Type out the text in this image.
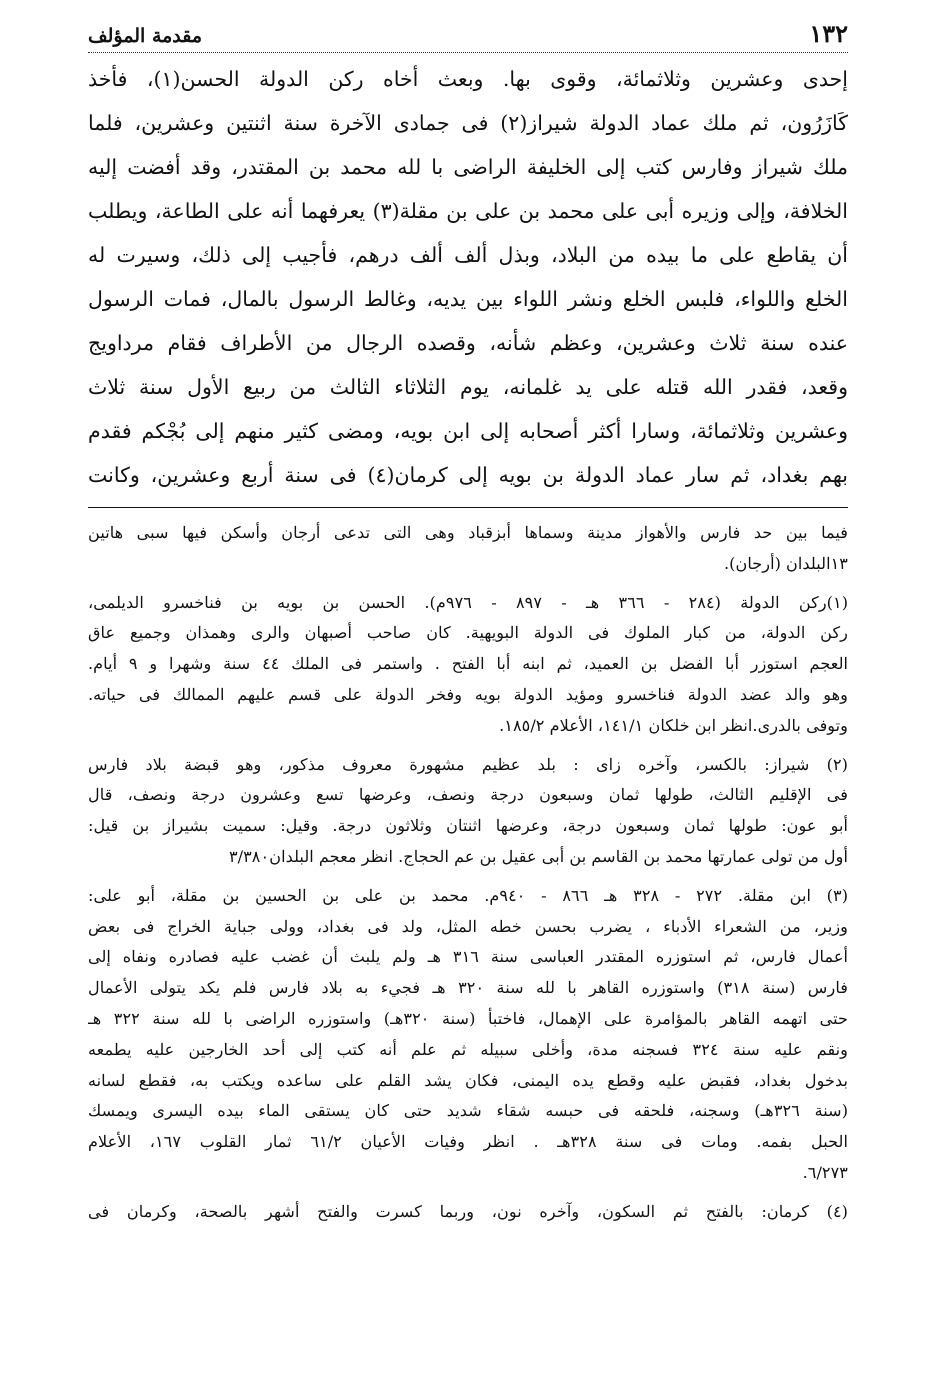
١٣٢
مقدمة المؤلف
إحدى وعشرين وثلاثمائة، وقوى بها. وبعث أخاه ركن الدولة الحسن(١)، فأخذ
كَازَرُون، ثم ملك عماد الدولة شيراز(٢) فى جمادى الآخرة سنة اثنتين وعشرين، فلما
ملك شيراز وفارس كتب إلى الخليفة الراضى با لله محمد بن المقتدر، وقد أفضت إليه
الخلافة، وإلى وزيره أبى على محمد بن على بن مقلة(٣) يعرفهما أنه على الطاعة، ويطلب
أن يقاطع على ما بيده من البلاد، وبذل ألف ألف درهم، فأجيب إلى ذلك، وسيرت له
الخلع واللواء، فلبس الخلع ونشر اللواء بين يديه، وغالط الرسول بالمال، فمات الرسول
عنده سنة ثلاث وعشرين، وعظم شأنه، وقصده الرجال من الأطراف فقام مرداويج
وقعد، فقدر الله قتله على يد غلمانه، يوم الثلاثاء الثالث من ربيع الأول سنة ثلاث
وعشرين وثلاثمائة، وسارا أكثر أصحابه إلى ابن بويه، ومضى كثير منهم إلى بُجْكم فقدم
بهم بغداد، ثم سار عماد الدولة بن بويه إلى كرمان(٤) فى سنة أربع وعشرين، وكانت
فيما بين حد فارس والأهواز مدينة وسماها أبزقباد وهى التى تدعى أرجان وأسكن فيها سبى هاتين
١٣البلدان (أرجان).
(١)ركن الدولة (٢٨٤ - ٣٦٦ هـ - ٨٩٧ - ٩٧٦م). الحسن بن بويه بن فناخسرو الديلمى،
ركن الدولة، من كبار الملوك فى الدولة البويهية. كان صاحب أصبهان والرى وهمذان وجميع عاق
العجم استوزر أبا الفضل بن العميد، ثم ابنه أبا الفتح . واستمر فى الملك ٤٤ سنة وشهرا و ٩ أيام.
وهو والد عضد الدولة فناخسرو ومؤيد الدولة بويه وفخر الدولة على قسم عليهم الممالك فى حياته.
وتوفى بالدرى.انظر ابن خلكان ١٤١/١، الأعلام ١٨٥/٢.
(٢) شيراز: بالكسر، وآخره زاى : بلد عظيم مشهورة معروف مذكور، وهو قبضة بلاد فارس
فى الإقليم الثالث، طولها ثمان وسبعون درجة ونصف، وعرضها تسع وعشرون درجة ونصف، قال
أبو عون: طولها ثمان وسبعون درجة، وعرضها اثنتان وثلاثون درجة. وقيل: سميت بشيراز بن قيل:
أول من تولى عمارتها محمد بن القاسم بن أبى عقيل بن عم الحجاج. انظر معجم البلدان٣/٣٨٠
(٣) ابن مقلة. ٢٧٢ - ٣٢٨ هـ ٨٦٦ - ٩٤٠م. محمد بن على بن الحسين بن مقلة، أبو على:
وزير، من الشعراء الأدباء ، يضرب بحسن خطه المثل، ولد فى بغداد، وولى جباية الخراج فى بعض
أعمال فارس، ثم استوزره المقتدر العباسى سنة ٣١٦ هـ ولم يلبث أن غضب عليه فصادره ونفاه إلى
فارس (سنة ٣١٨) واستوزره القاهر با لله سنة ٣٢٠ هـ فجيء به بلاد فارس فلم يكد يتولى الأعمال
حتى اتهمه القاهر بالمؤامرة على الإهمال، فاختبأ (سنة ٣٢٠هـ) واستوزره الراضى با لله سنة ٣٢٢ هـ
ونقم عليه سنة ٣٢٤ فسجنه مدة، وأخلى سبيله ثم علم أنه كتب إلى أحد الخارجين عليه يطمعه
بدخول بغداد، فقبض عليه وقطع يده اليمنى، فكان يشد القلم على ساعده ويكتب به، فقطع لسانه
(سنة ٣٢٦هـ) وسجنه، فلحقه فى حبسه شقاء شديد حتى كان يستقى الماء بيده اليسرى ويمسك
الحبل بفمه. ومات فى سنة ٣٢٨هـ . انظر وفيات الأعيان ٦١/٢ ثمار القلوب ١٦٧، الأعلام
٦/٢٧٣.
(٤) كرمان: بالفتح ثم السكون، وآخره نون، وربما كسرت والفتح أشهر بالصحة، وكرمان فى
